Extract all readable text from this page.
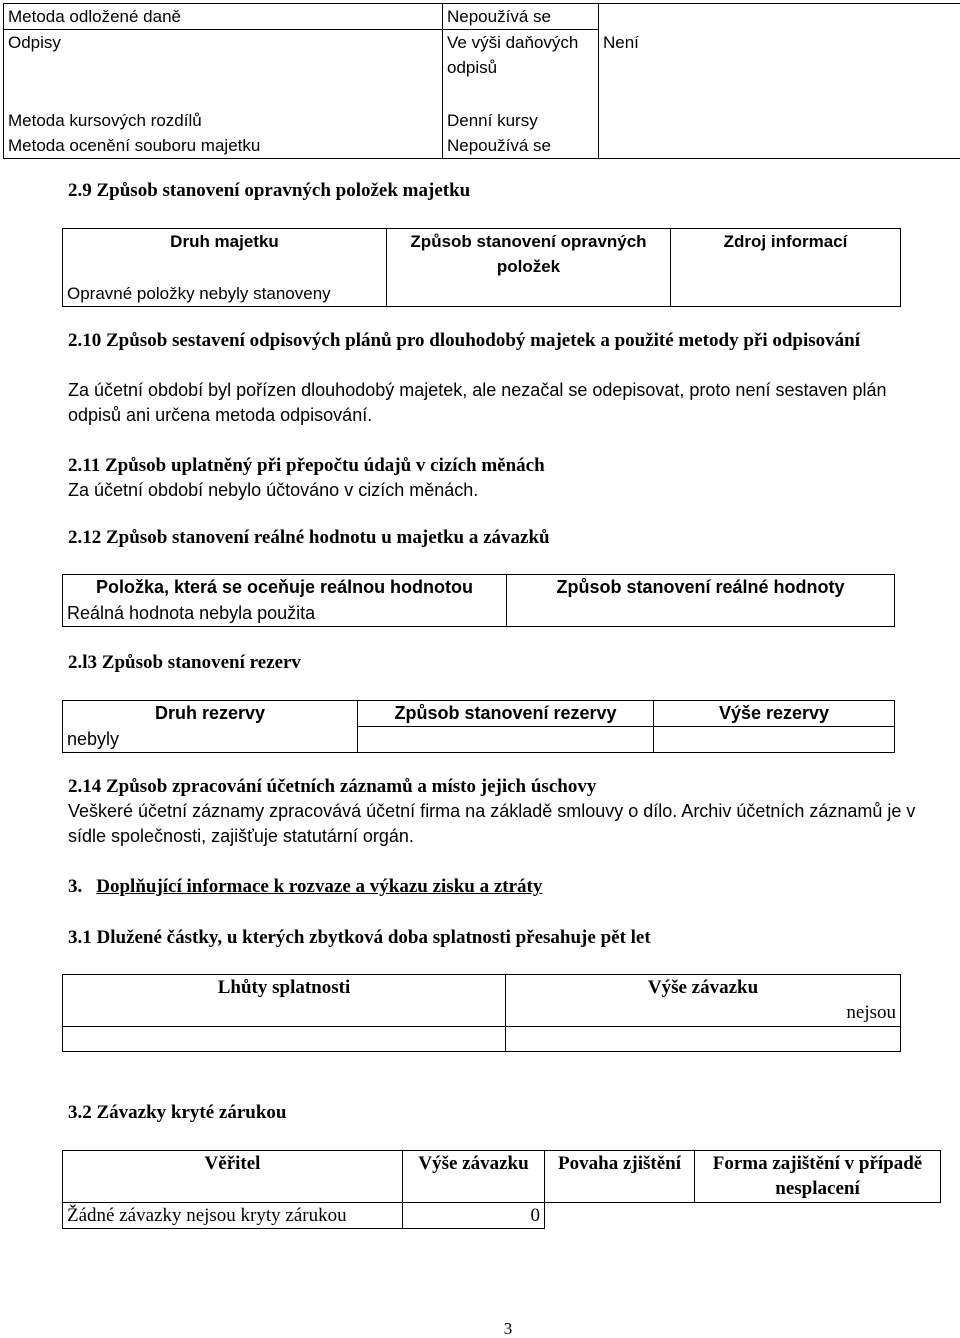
Metoda odložené daně	Nepoužívá se	
Odpisy	Ve výši daňových odpisů	Není
Metoda kursových rozdílů	Denní kursy	
Metoda ocenění souboru majetku	Nepoužívá se	
2.9 Způsob stanovení opravných položek majetku
Druh majetku	Způsob stanovení opravných položek	Zdroj informací
Opravné položky nebyly stanoveny
2.10 Způsob sestavení odpisových plánů pro dlouhodobý majetek a použité metody při odpisování
Za účetní období byl pořízen dlouhodobý majetek, ale nezačal se odepisovat, proto není sestaven plán odpisů ani určena metoda odpisování.
2.11 Způsob uplatněný při přepočtu údajů v cizích měnách
Za účetní období nebylo účtováno v cizích měnách.
2.12 Způsob stanovení reálné hodnotu u majetku a závazků
Položka, která se oceňuje reálnou hodnotou	Způsob stanovení reálné hodnoty
Reálná hodnota nebyla použita
2.l3 Způsob stanovení rezerv
Druh rezervy	Způsob stanovení rezervy	Výše rezervy
nebyly		
2.14 Způsob zpracování účetních záznamů a místo jejich úschovy
Veškeré účetní záznamy zpracovává účetní firma na základě smlouvy o dílo. Archiv účetních záznamů je v sídle společnosti, zajišťuje statutární orgán.
3. Doplňující informace k rozvaze a výkazu zisku a ztráty
3.1 Dlužené částky, u kterých zbytková doba splatnosti přesahuje pět let
Lhůty splatnosti	Výše závazku
	nejsou

3.2 Závazky kryté zárukou
Věřitel	Výše závazku	Povaha zjištění	Forma zajištění v případě nesplacení
Žádné závazky nejsou kryty zárukou	0		
3
